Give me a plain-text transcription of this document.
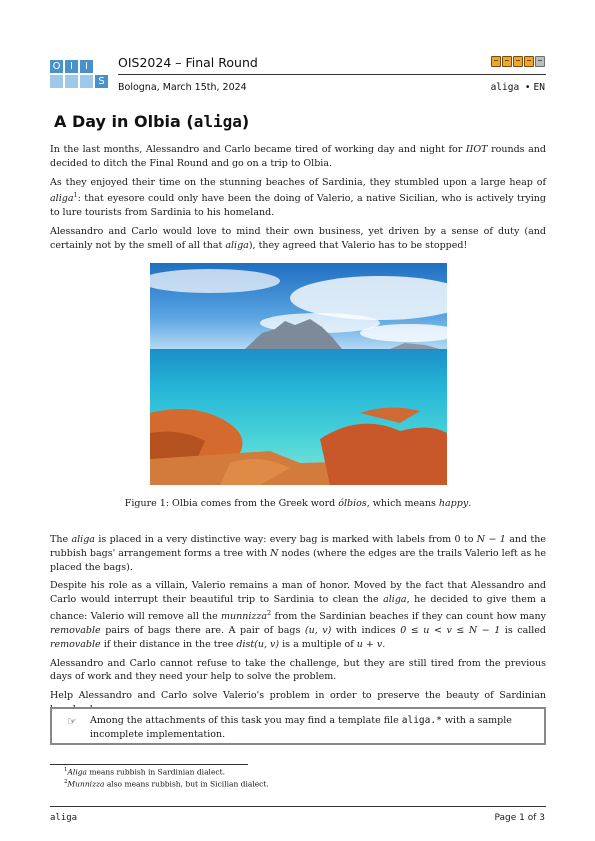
O I	I
S
OIS2024 – Final Round
Bologna, March 15th, 2024	aliga • EN
A Day in Olbia (aliga)

In the last months, Alessandro and Carlo became tired of working day and night for IIOT rounds and decided to ditch the Final Round and go on a trip to Olbia.

As they enjoyed their time on the stunning beaches of Sardinia, they stumbled upon a large heap of aliga$^1$: that eyesore could only have been the doing of Valerio, a native Sicilian, who is actively trying to lure tourists from Sardinia to his homeland.

Alessandro and Carlo would love to mind their own business, yet driven by a sense of duty (and certainly not by the smell of all that aliga), they agreed that Valerio has to be stopped!

Figure 1: Olbia comes from the Greek word ólbios, which means happy.

The aliga is placed in a very distinctive way: every bag is marked with labels from 0 to N − 1 and the rubbish bags' arrangement forms a tree with N nodes (where the edges are the trails Valerio left as he placed the bags).

Despite his role as a villain, Valerio remains a man of honor. Moved by the fact that Alessandro and Carlo would interrupt their beautiful trip to Sardinia to clean the aliga, he decided to give them a chance: Valerio will remove all the munnizza$^2$ from the Sardinian beaches if they can count how many removable pairs of bags there are. A pair of bags (u, v) with indices 0 ≤ u < v ≤ N − 1 is called removable if their distance in the tree dist(u, v) is a multiple of u + v.

Alessandro and Carlo cannot refuse to take the challenge, but they are still tired from the previous days of work and they need your help to solve the problem.

Help Alessandro and Carlo solve Valerio's problem in order to preserve the beauty of Sardinian

☞ Among the attachments of this task you may find a template file aliga.* with a sample incomplete implementation.
$^1$Aliga means rubbish in Sardinian dialect.
$^2$Munnizza also means rubbish, but in Sicilian dialect.
aliga	Page 1 of 3
